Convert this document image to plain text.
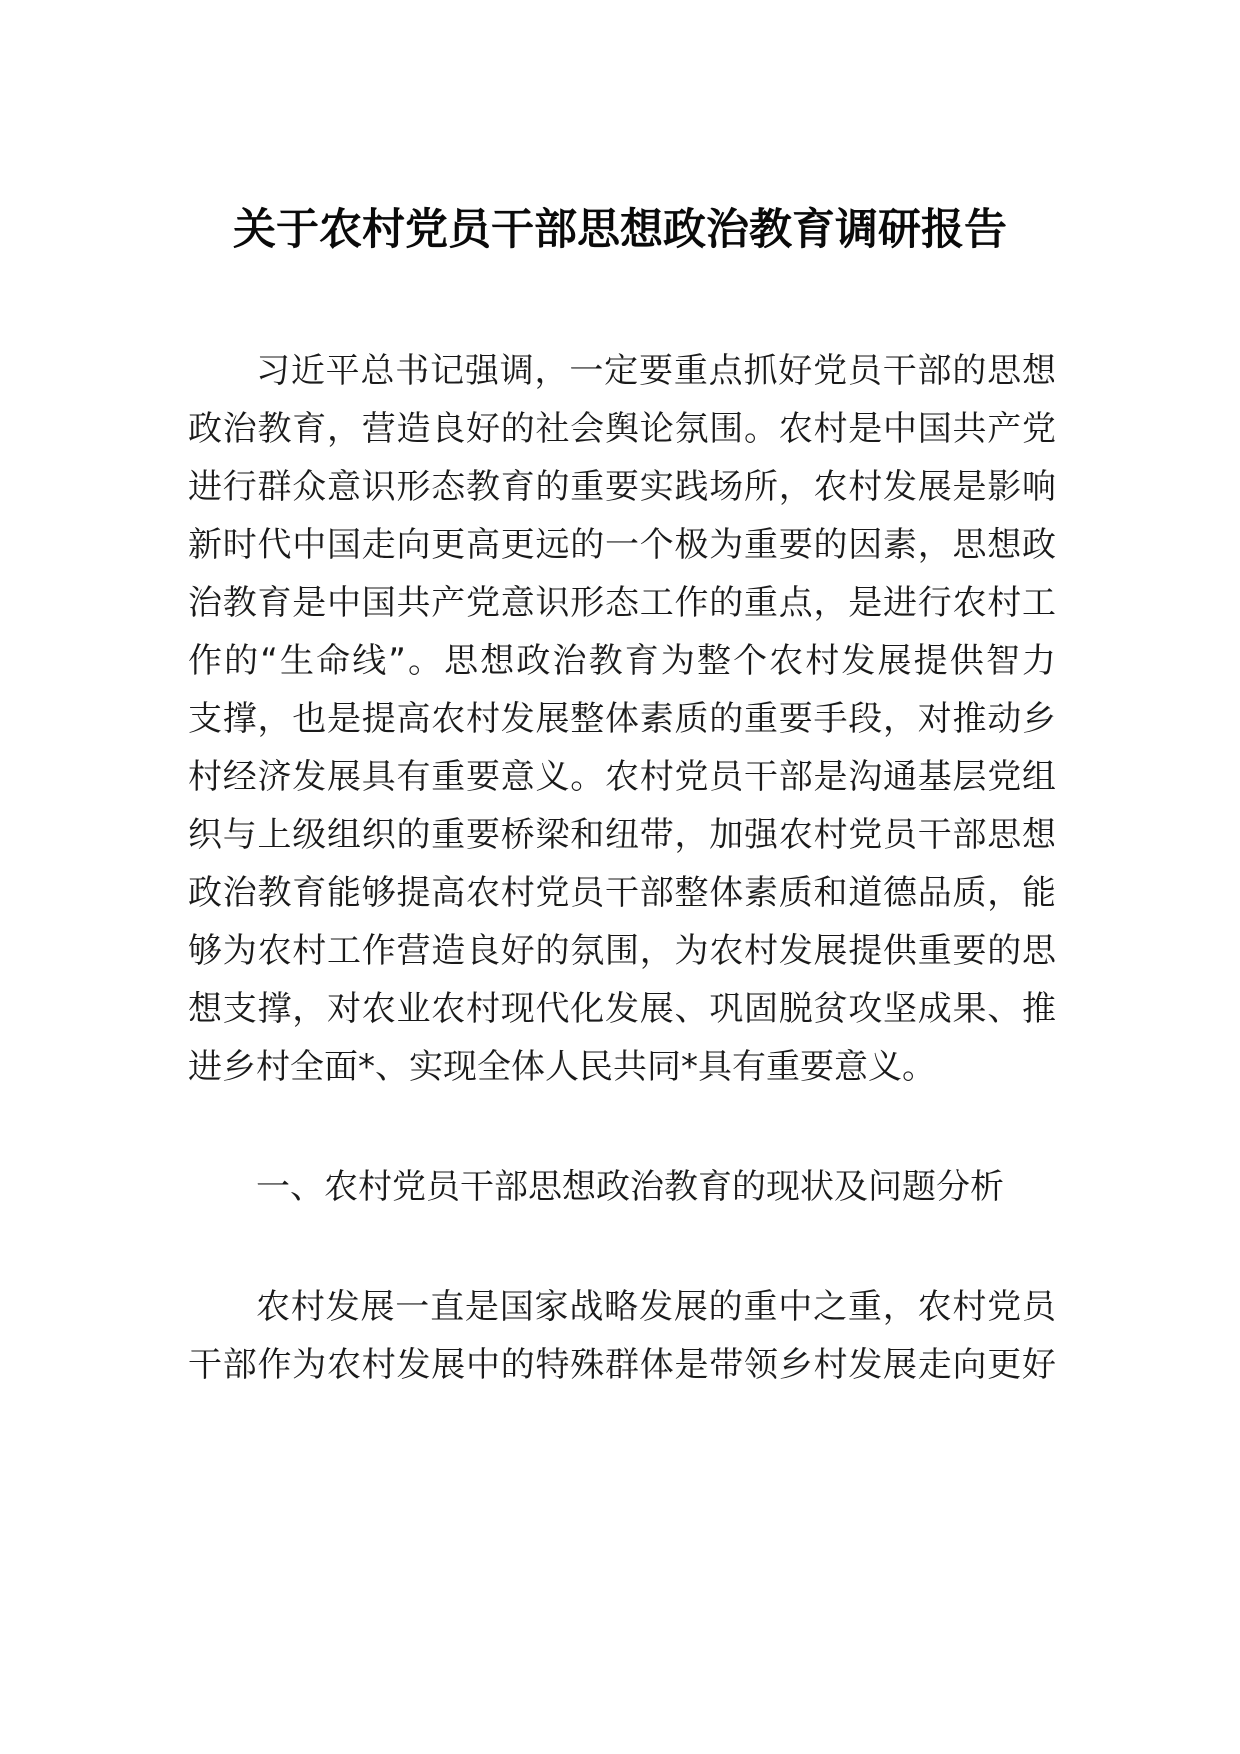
关于农村党员干部思想政治教育调研报告
习近平总书记强调，一定要重点抓好党员干部的思想
政治教育，营造良好的社会舆论氛围。农村是中国共产党
进行群众意识形态教育的重要实践场所，农村发展是影响
新时代中国走向更高更远的一个极为重要的因素，思想政
治教育是中国共产党意识形态工作的重点，是进行农村工
作的“生命线”。思想政治教育为整个农村发展提供智力
支撑，也是提高农村发展整体素质的重要手段，对推动乡
村经济发展具有重要意义。农村党员干部是沟通基层党组
织与上级组织的重要桥梁和纽带，加强农村党员干部思想
政治教育能够提高农村党员干部整体素质和道德品质，能
够为农村工作营造良好的氛围，为农村发展提供重要的思
想支撑，对农业农村现代化发展、巩固脱贫攻坚成果、推
进乡村全面*、实现全体人民共同*具有重要意义。
一、农村党员干部思想政治教育的现状及问题分析
农村发展一直是国家战略发展的重中之重，农村党员
干部作为农村发展中的特殊群体是带领乡村发展走向更好
